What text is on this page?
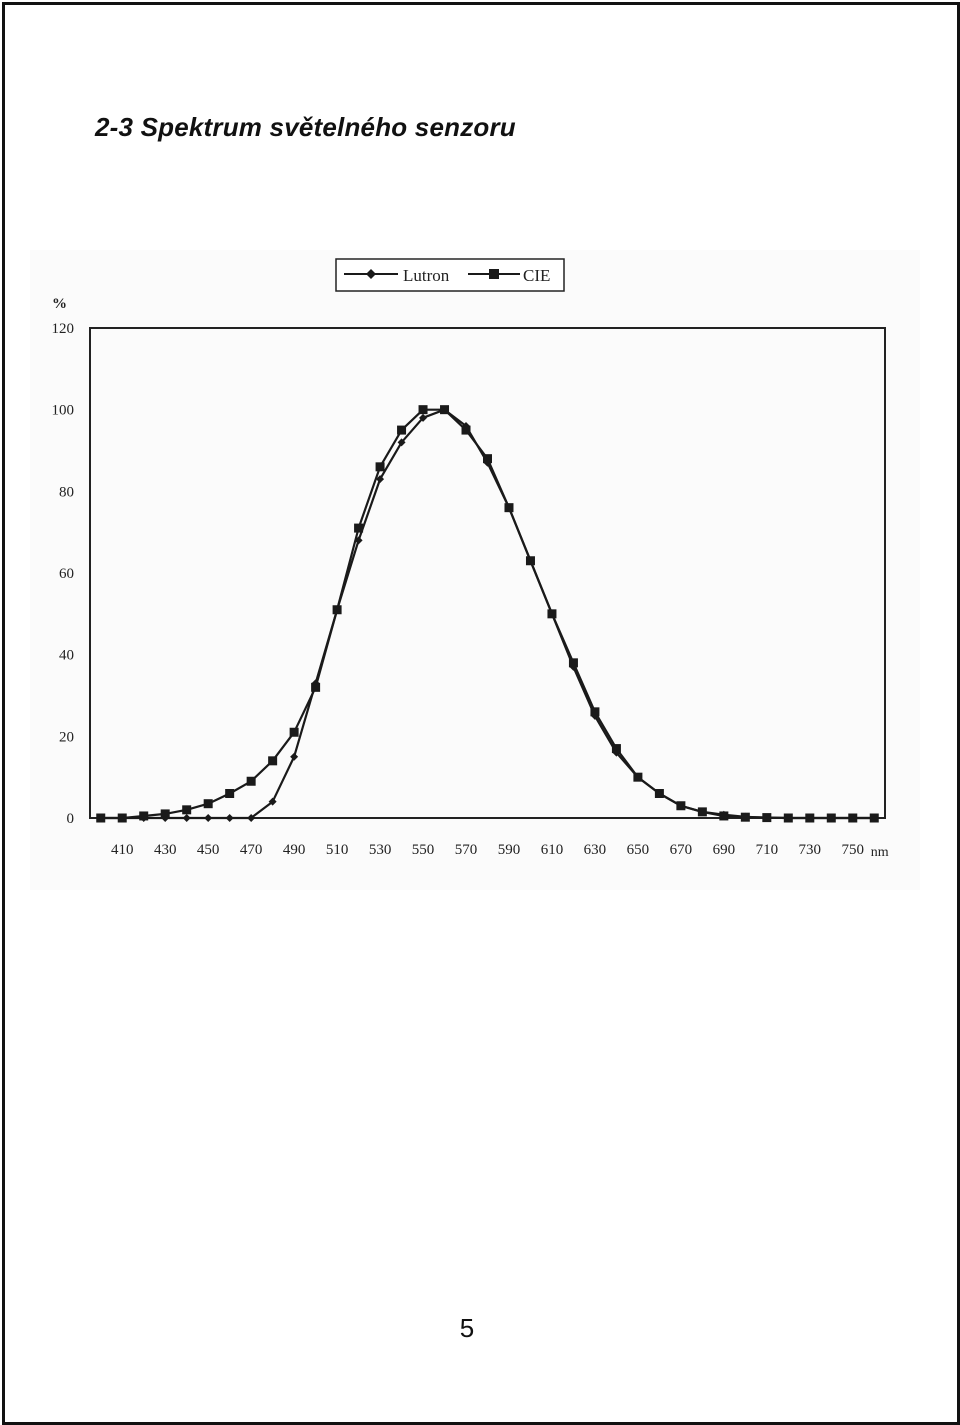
2-3 Spektrum světelného senzoru
Lutron	CIE
%
0
20
40
60
80
100
120
410 430 450 470 490 510 530 550 570 590 610 630 650 670 690 710 730 750 nm
5
